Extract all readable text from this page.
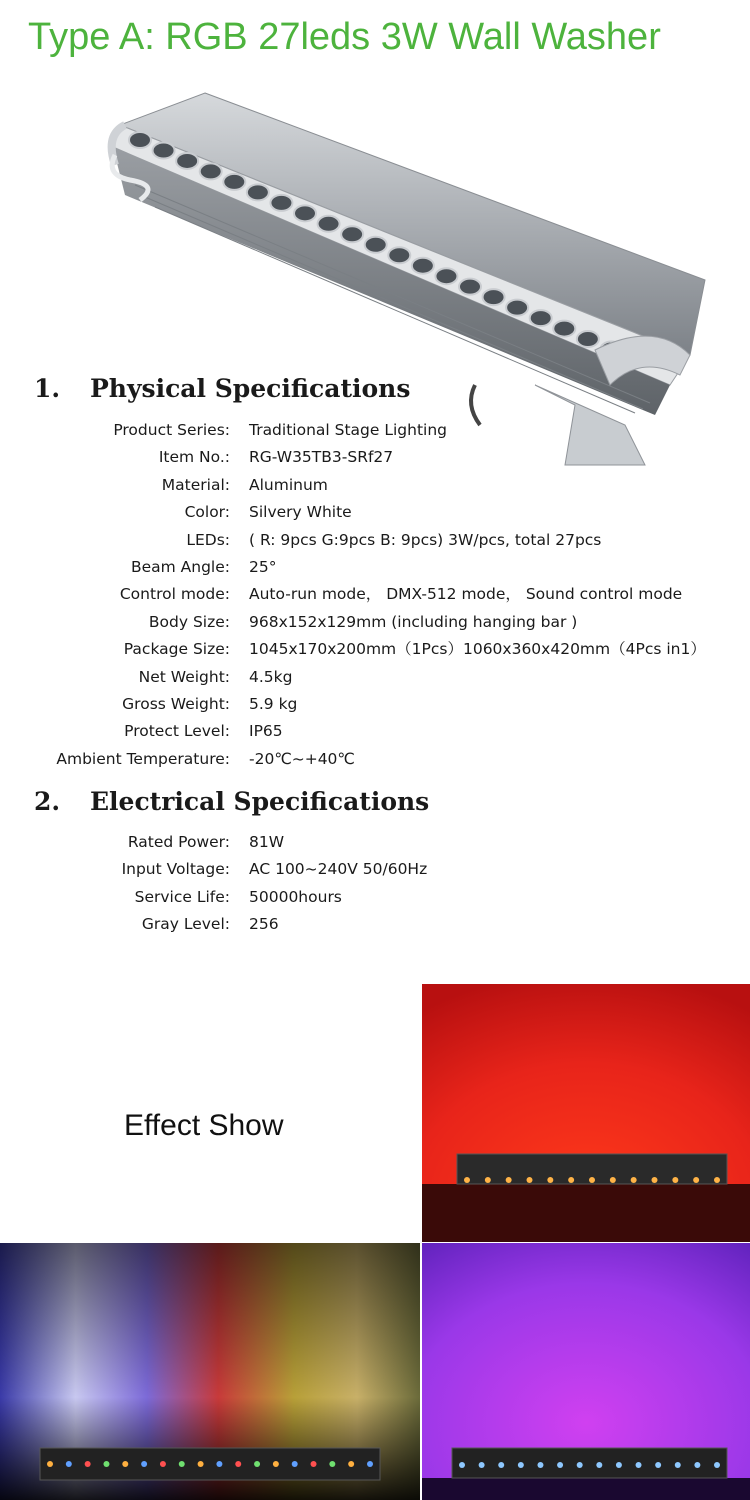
Type A: RGB 27leds 3W Wall Washer
1. Physical Specifications
Product Series: Traditional Stage Lighting
Item No.: RG-W35TB3-SRf27
Material: Aluminum
Color: Silvery White
LEDs: ( R: 9pcs G:9pcs B: 9pcs) 3W/pcs, total 27pcs
Beam Angle: 25°
Control mode: Auto-run mode， DMX-512 mode， Sound control mode
Body Size: 968x152x129mm (including hanging bar )
Package Size: 1045x170x200mm（1Pcs）1060x360x420mm（4Pcs in1）
Net Weight: 4.5kg
Gross Weight: 5.9 kg
Protect Level: IP65
Ambient Temperature: -20℃~+40℃
2. Electrical Specifications
Rated Power: 81W
Input Voltage: AC 100~240V 50/60Hz
Service Life: 50000hours
Gray Level: 256
Effect Show
